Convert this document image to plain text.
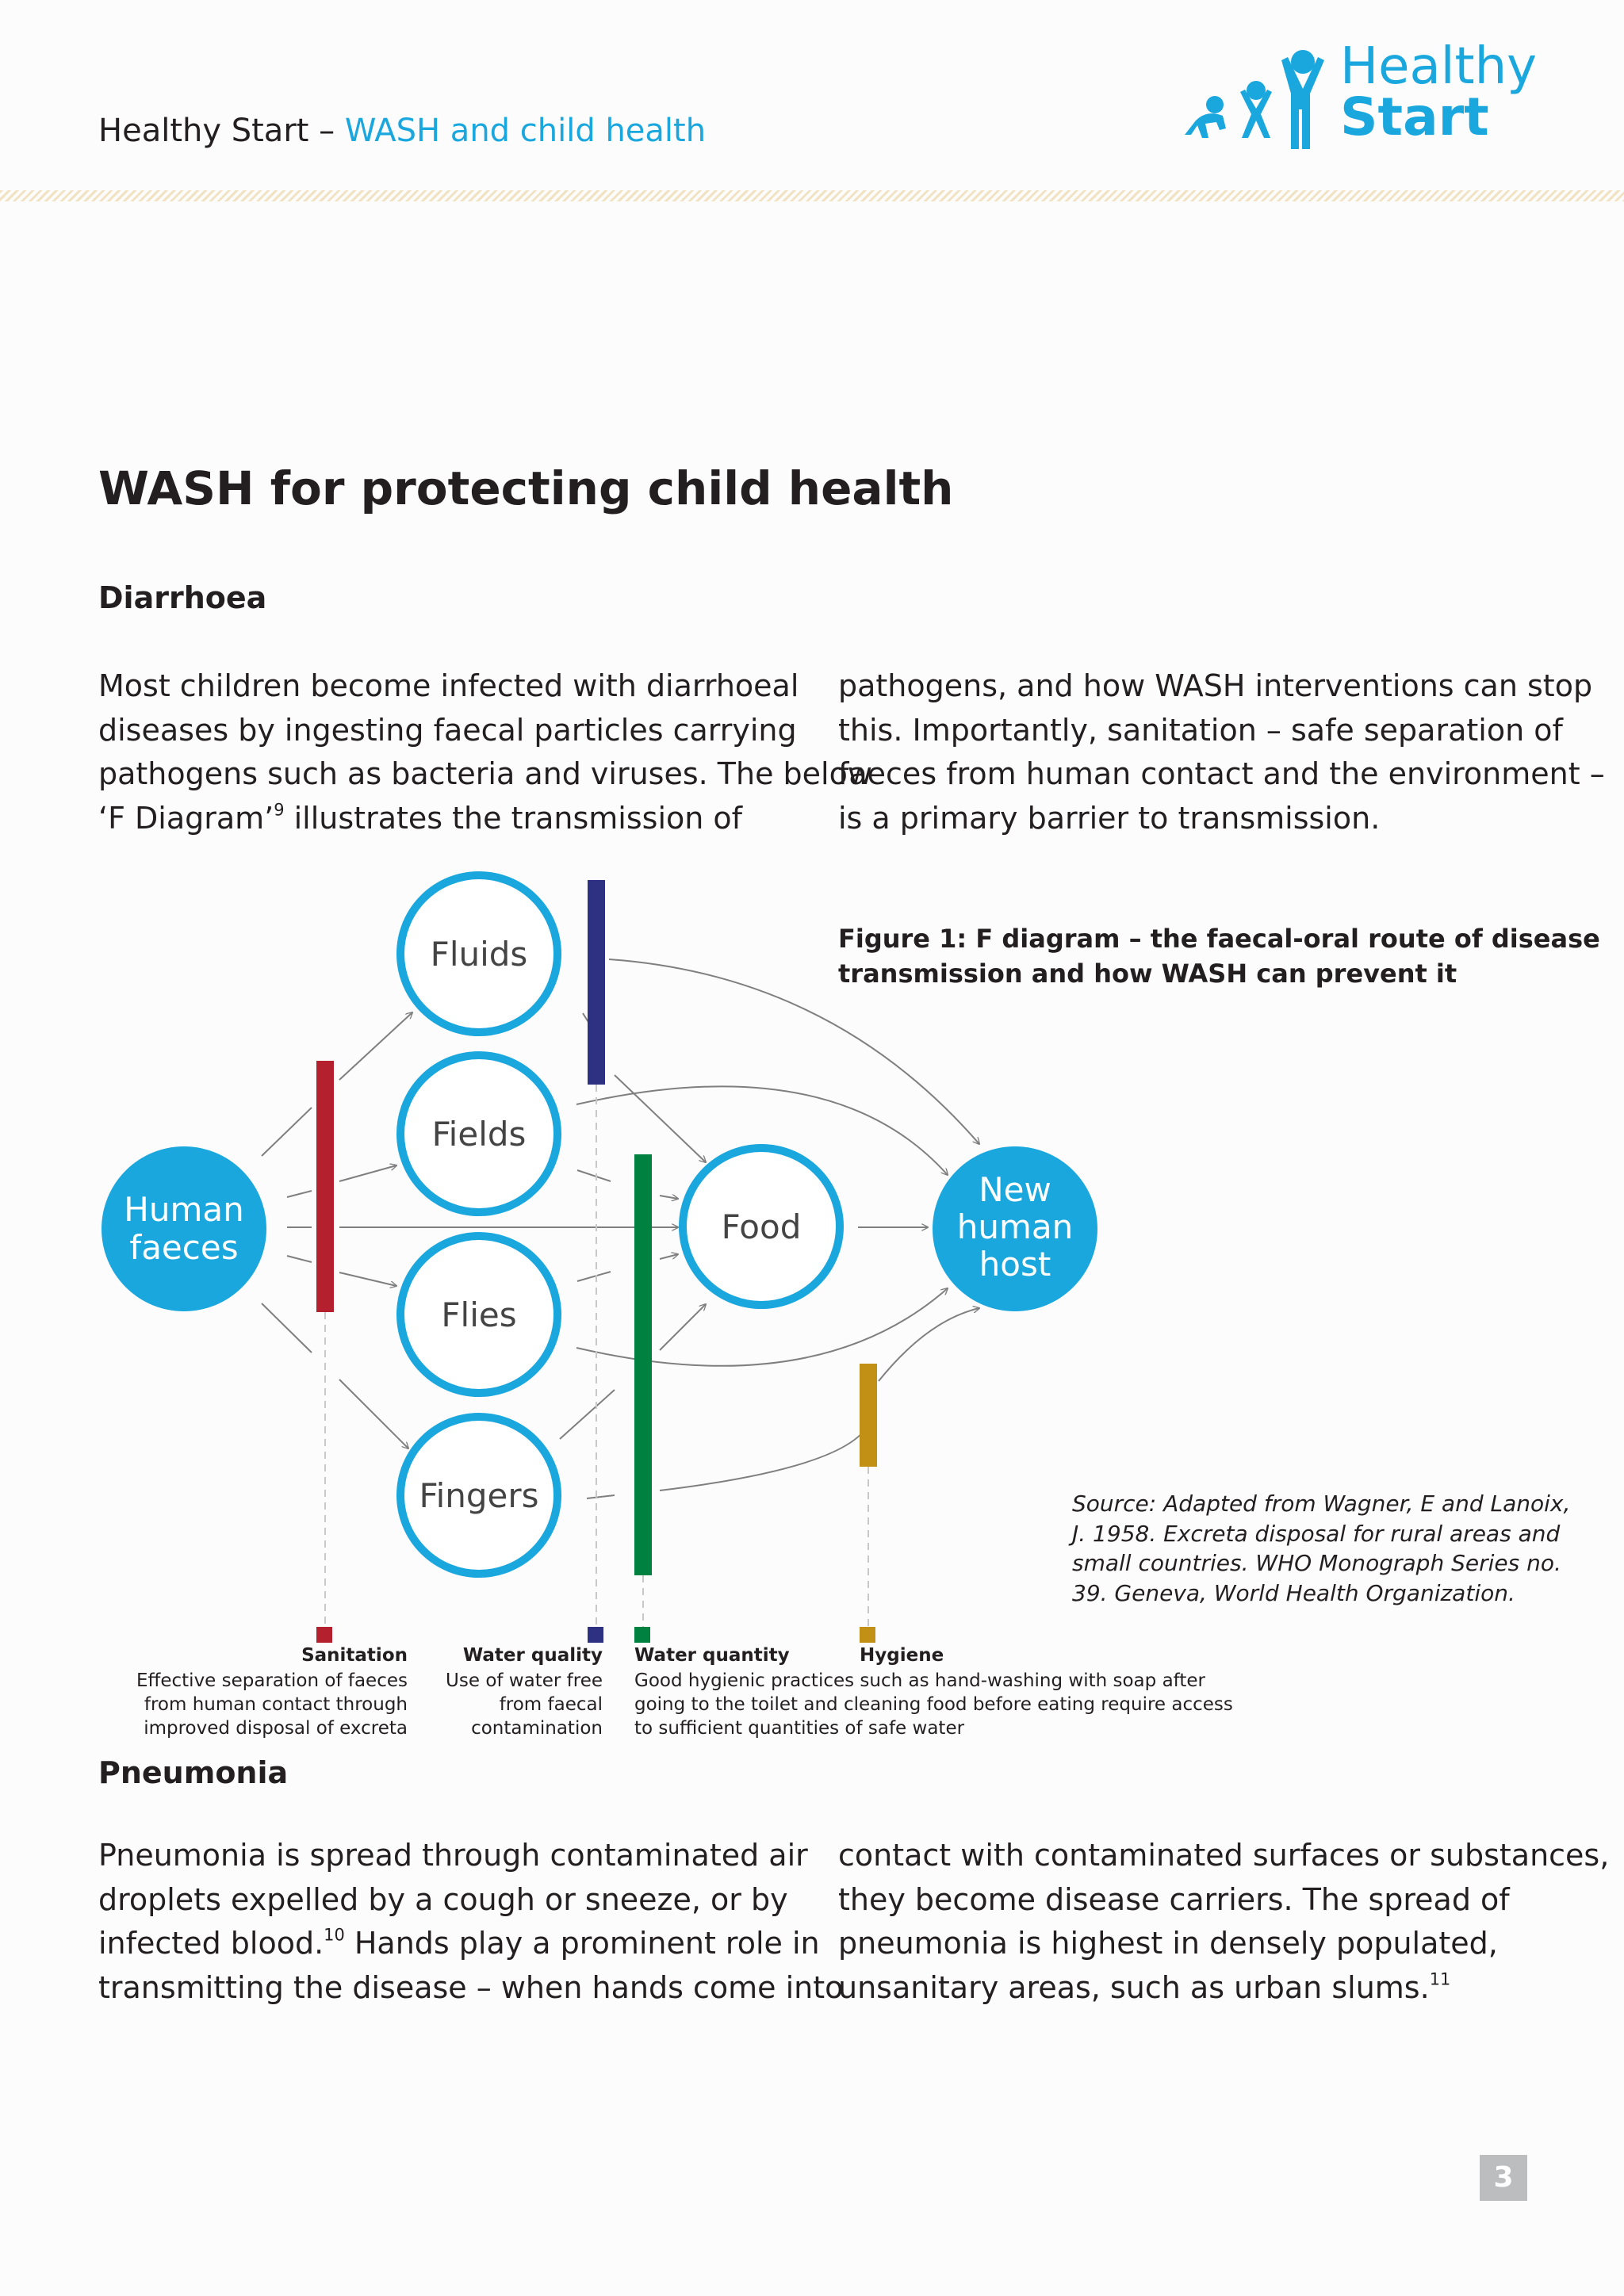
Healthy Start – WASH and child health
Healthy
Start
WASH for protecting child health
Diarrhoea
Most children become infected with diarrhoeal
diseases by ingesting faecal particles carrying
pathogens such as bacteria and viruses. The below
‘F Diagram’$^9$ illustrates the transmission of
pathogens, and how WASH interventions can stop
this. Importantly, sanitation – safe separation of
faeces from human contact and the environment –
is a primary barrier to transmission.
Figure 1: F diagram – the faecal-oral route of disease
transmission and how WASH can prevent it
Human
faeces
Fluids
Fields
Flies
Fingers
Food
New
human
host
Sanitation
Effective separation of faeces
from human contact through
improved disposal of excreta
Water quality
Use of water free
from faecal
contamination
Water quantity
Good hygienic practices such as hand-washing with soap after
going to the toilet and cleaning food before eating require access
to sufficient quantities of safe water
Hygiene
Source: Adapted from Wagner, E and Lanoix,
J. 1958. Excreta disposal for rural areas and
small countries. WHO Monograph Series no.
39. Geneva, World Health Organization.
Pneumonia
Pneumonia is spread through contaminated air
droplets expelled by a cough or sneeze, or by
infected blood.$^{10}$ Hands play a prominent role in
transmitting the disease – when hands come into
contact with contaminated surfaces or substances,
they become disease carriers. The spread of
pneumonia is highest in densely populated,
unsanitary areas, such as urban slums.$^{11}$
3
